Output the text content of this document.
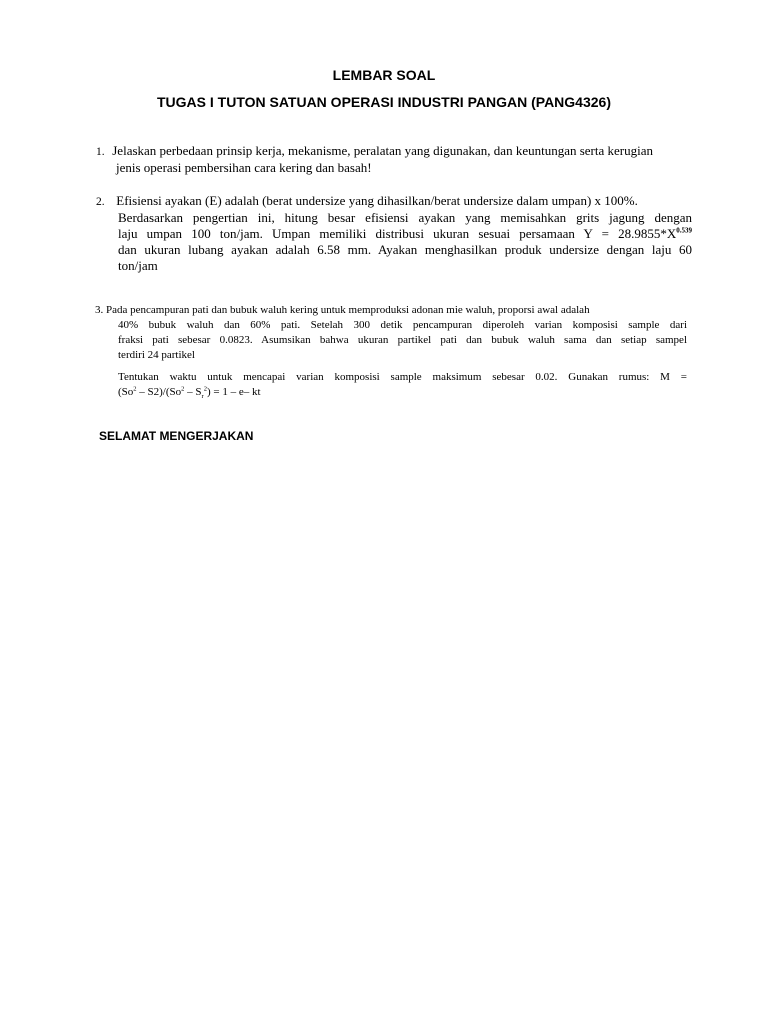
LEMBAR SOAL
TUGAS I TUTON SATUAN OPERASI INDUSTRI PANGAN (PANG4326)
1. Jelaskan perbedaan prinsip kerja, mekanisme, peralatan yang digunakan, dan keuntungan serta kerugian
jenis operasi pembersihan cara kering dan basah!
2. Efisiensi ayakan (E) adalah (berat undersize yang dihasilkan/berat undersize dalam umpan) x 100%.
Berdasarkan pengertian ini, hitung besar efisiensi ayakan yang memisahkan grits jagung dengan
laju umpan 100 ton/jam. Umpan memiliki distribusi ukuran sesuai persamaan $Y = 28.9855*X^{0.539}$
dan ukuran lubang ayakan adalah 6.58 mm. Ayakan menghasilkan produk undersize dengan laju 60
ton/jam
3. Pada pencampuran pati dan bubuk waluh kering untuk memproduksi adonan mie waluh, proporsi awal adalah
40% bubuk waluh dan 60% pati. Setelah 300 detik pencampuran diperoleh varian komposisi sample dari
fraksi pati sebesar 0.0823. Asumsikan bahwa ukuran partikel pati dan bubuk waluh sama dan setiap sampel
terdiri 24 partikel
Tentukan waktu untuk mencapai varian komposisi sample maksimum sebesar 0.02. Gunakan rumus: M =
$(So^2 - S2)/(So^2 - S_r^2) = 1 - e-$ kt

SELAMAT MENGERJAKAN
